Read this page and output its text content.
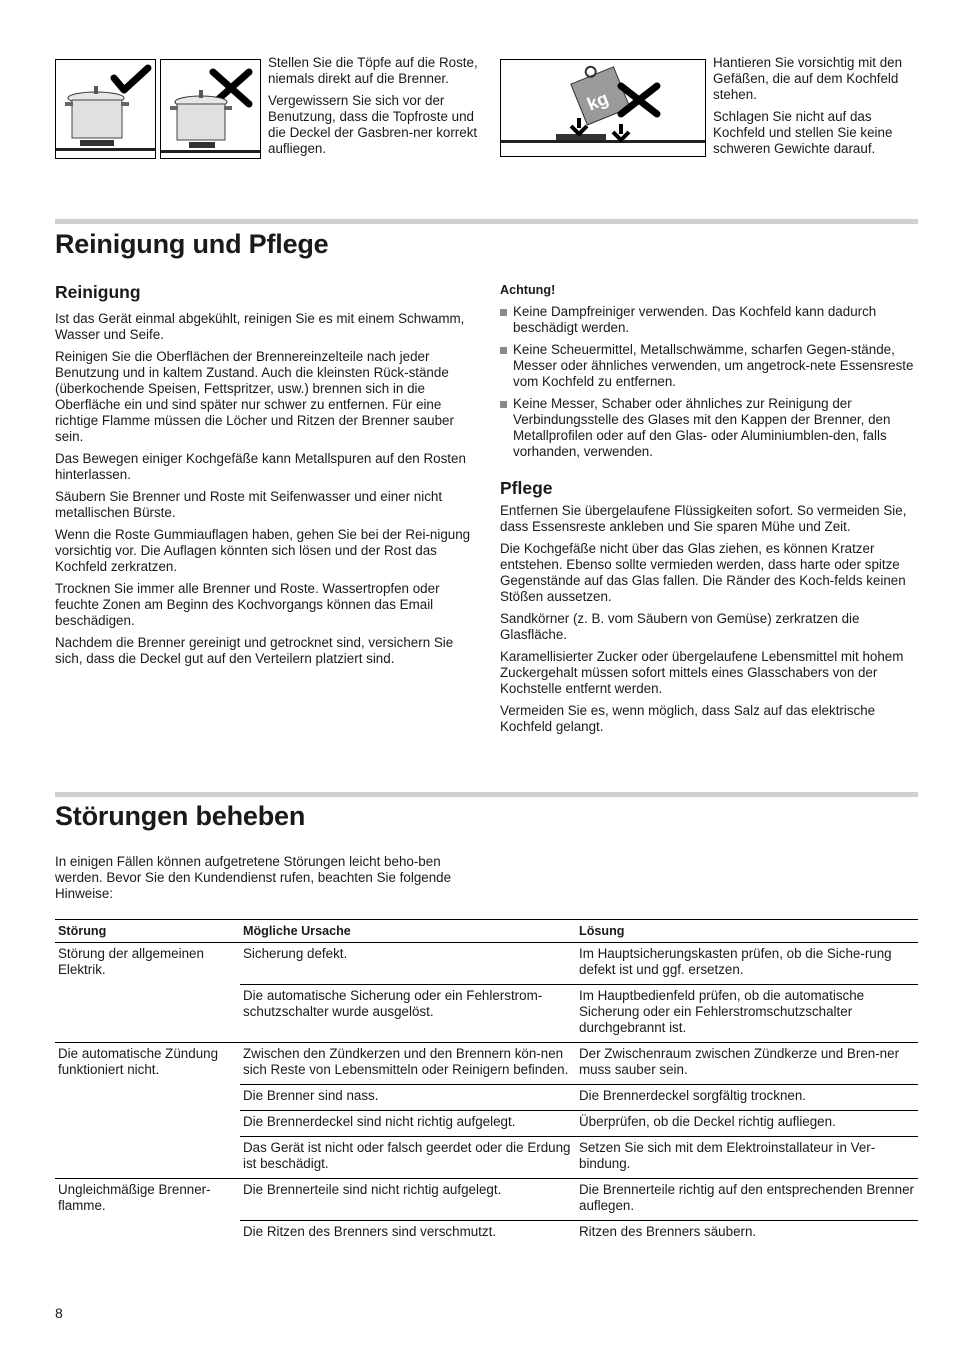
Stellen Sie die Töpfe auf die Roste, niemals direkt auf die Brenner.

Vergewissern Sie sich vor der Benutzung, dass die Topfroste und die Deckel der Gasbren-ner korrekt aufliegen.

kg

Hantieren Sie vorsichtig mit den Gefäßen, die auf dem Kochfeld stehen.

Schlagen Sie nicht auf das Kochfeld und stellen Sie keine schweren Gewichte darauf.

Reinigung und Pflege
Reinigung

Ist das Gerät einmal abgekühlt, reinigen Sie es mit einem Schwamm, Wasser und Seife.

Reinigen Sie die Oberflächen der Brennereinzelteile nach jeder Benutzung und in kaltem Zustand. Auch die kleinsten Rück-stände (überkochende Speisen, Fettspritzer, usw.) brennen sich in die Oberfläche ein und sind später nur schwer zu entfernen. Für eine richtige Flamme müssen die Löcher und Ritzen der Brenner sauber sein.

Das Bewegen einiger Kochgefäße kann Metallspuren auf den Rosten hinterlassen.

Säubern Sie Brenner und Roste mit Seifenwasser und einer nicht metallischen Bürste.

Wenn die Roste Gummiauflagen haben, gehen Sie bei der Rei-nigung vorsichtig vor. Die Auflagen könnten sich lösen und der Rost das Kochfeld zerkratzen.

Trocknen Sie immer alle Brenner und Roste. Wassertropfen oder feuchte Zonen am Beginn des Kochvorgangs können das Email beschädigen.

Nachdem die Brenner gereinigt und getrocknet sind, versichern Sie sich, dass die Deckel gut auf den Verteilern platziert sind.

Achtung!

Keine Dampfreiniger verwenden. Das Kochfeld kann dadurch beschädigt werden.
Keine Scheuermittel, Metallschwämme, scharfen Gegen-stände, Messer oder ähnliches verwenden, um angetrock-nete Essensreste vom Kochfeld zu entfernen.
Keine Messer, Schaber oder ähnliches zur Reinigung der Verbindungsstelle des Glases mit den Kappen der Brenner, den Metallprofilen oder auf den Glas- oder Aluminiumblen-den, falls vorhanden, verwenden.
Pflege

Entfernen Sie übergelaufene Flüssigkeiten sofort. So vermeiden Sie, dass Essensreste ankleben und Sie sparen Mühe und Zeit.

Die Kochgefäße nicht über das Glas ziehen, es können Kratzer entstehen. Ebenso sollte vermieden werden, dass harte oder spitze Gegenstände auf das Glas fallen. Die Ränder des Koch-felds keinen Stößen aussetzen.

Sandkörner (z. B. vom Säubern von Gemüse) zerkratzen die Glasfläche.

Karamellisierter Zucker oder übergelaufene Lebensmittel mit hohem Zuckergehalt müssen sofort mittels eines Glasschabers von der Kochstelle entfernt werden.

Vermeiden Sie es, wenn möglich, dass Salz auf das elektrische Kochfeld gelangt.

Störungen beheben
In einigen Fällen können aufgetretene Störungen leicht beho-ben werden. Bevor Sie den Kundendienst rufen, beachten Sie folgende Hinweise:
Störung	Mögliche Ursache	Lösung
Störung der allgemeinen Elektrik.	Sicherung defekt.	Im Hauptsicherungskasten prüfen, ob die Siche-rung defekt ist und ggf. ersetzen.
	Die automatische Sicherung oder ein Fehlerstrom-schutzschalter wurde ausgelöst.	Im Hauptbedienfeld prüfen, ob die automatische Sicherung oder ein Fehlerstromschutzschalter durchgebrannt ist.
Die automatische Zündung funktioniert nicht.	Zwischen den Zündkerzen und den Brennern kön-nen sich Reste von Lebensmitteln oder Reinigern befinden.	Der Zwischenraum zwischen Zündkerze und Bren-ner muss sauber sein.
	Die Brenner sind nass.	Die Brennerdeckel sorgfältig trocknen.
	Die Brennerdeckel sind nicht richtig aufgelegt.	Überprüfen, ob die Deckel richtig aufliegen.
	Das Gerät ist nicht oder falsch geerdet oder die Erdung ist beschädigt.	Setzen Sie sich mit dem Elektroinstallateur in Ver-bindung.
Ungleichmäßige Brenner-flamme.	Die Brennerteile sind nicht richtig aufgelegt.	Die Brennerteile richtig auf den entsprechenden Brenner auflegen.
	Die Ritzen des Brenners sind verschmutzt.	Ritzen des Brenners säubern.
8
